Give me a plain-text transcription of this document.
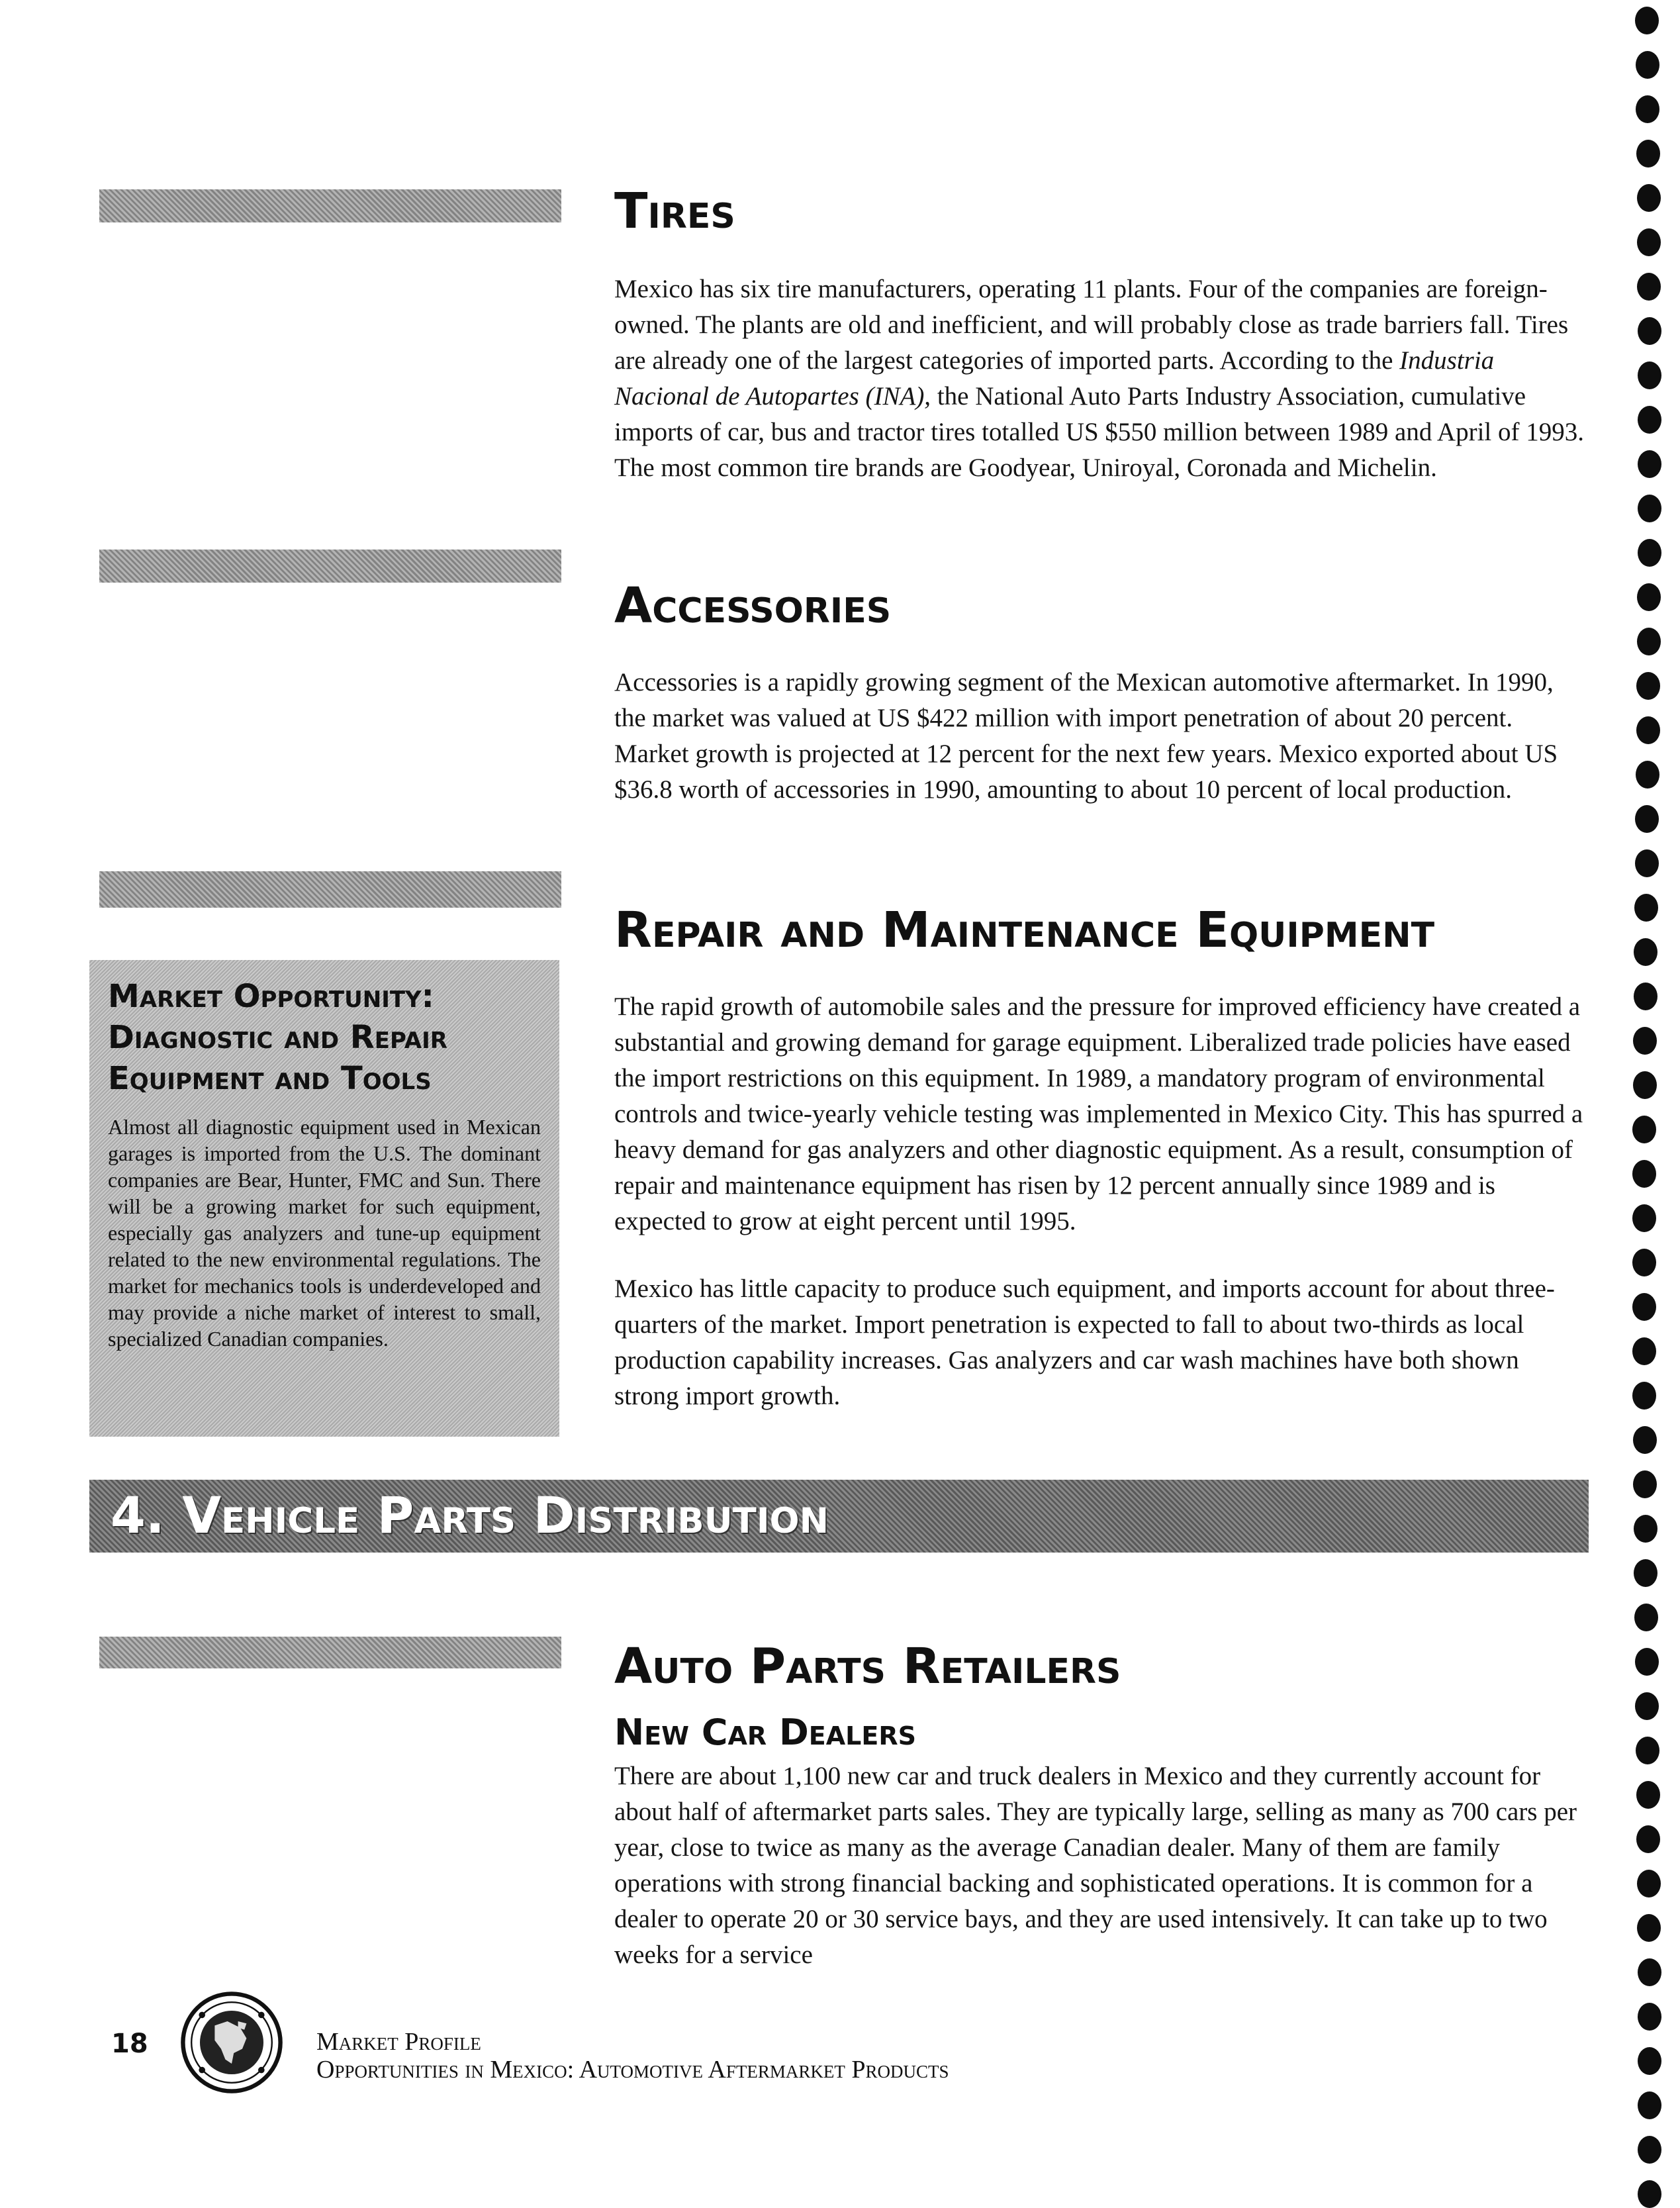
Tires

Mexico has six tire manufacturers, operating 11 plants. Four of the companies are foreign-owned. The plants are old and inefficient, and will probably close as trade barriers fall. Tires are already one of the largest categories of imported parts. According to the Industria Nacional de Autopartes (INA), the National Auto Parts Industry Association, cumulative imports of car, bus and tractor tires totalled US $550 million between 1989 and April of 1993. The most common tire brands are Goodyear, Uniroyal, Coronada and Michelin.

Accessories

Accessories is a rapidly growing segment of the Mexican automotive aftermarket. In 1990, the market was valued at US $422 million with import penetration of about 20 percent. Market growth is projected at 12 percent for the next few years. Mexico exported about US $36.8 worth of accessories in 1990, amounting to about 10 percent of local production.

Repair and Maintenance Equipment

The rapid growth of automobile sales and the pressure for improved efficiency have created a substantial and growing demand for garage equipment. Liberalized trade policies have eased the import restrictions on this equipment. In 1989, a mandatory program of environmental controls and twice-yearly vehicle testing was implemented in Mexico City. This has spurred a heavy demand for gas analyzers and other diagnostic equipment. As a result, consumption of repair and maintenance equipment has risen by 12 percent annually since 1989 and is expected to grow at eight percent until 1995.

Mexico has little capacity to produce such equipment, and imports account for about three-quarters of the market. Import penetration is expected to fall to about two-thirds as local production capability increases. Gas analyzers and car wash machines have both shown strong import growth.

Market Opportunity:
Diagnostic and Repair
Equipment and Tools

Almost all diagnostic equipment used in Mexican garages is imported from the U.S. The dominant companies are Bear, Hunter, FMC and Sun. There will be a growing market for such equipment, especially gas analyzers and tune-up equipment related to the new environmental regulations. The market for mechanics tools is underdeveloped and may provide a niche market of interest to small, specialized Canadian companies.

4. Vehicle Parts Distribution
Auto Parts Retailers
New Car Dealers

There are about 1,100 new car and truck dealers in Mexico and they currently account for about half of aftermarket parts sales. They are typically large, selling as many as 700 cars per year, close to twice as many as the average Canadian dealer. Many of them are family operations with strong financial backing and sophisticated operations. It is common for a dealer to operate 20 or 30 service bays, and they are used intensively. It can take up to two weeks for a service

18	Market Profile
Opportunities in Mexico: Automotive Aftermarket Products
